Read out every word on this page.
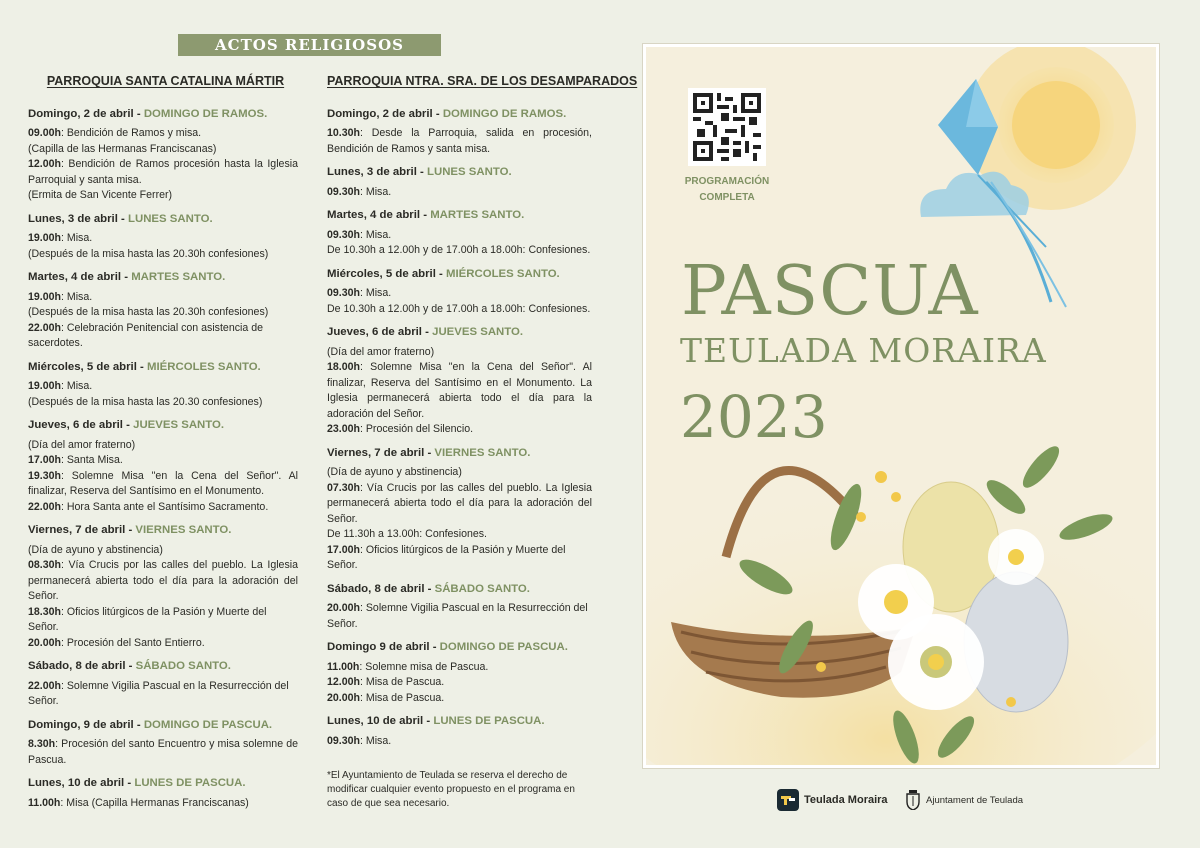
ACTOS RELIGIOSOS
PARROQUIA SANTA CATALINA MÁRTIR
Domingo, 2 de abril - DOMINGO DE RAMOS.
09.00h: Bendición de Ramos y misa.
(Capilla de las Hermanas Franciscanas)
12.00h: Bendición de Ramos procesión hasta la Iglesia Parroquial y santa misa.
(Ermita de San Vicente Ferrer)
Lunes, 3 de abril - LUNES SANTO.
19.00h: Misa.
(Después de la misa hasta las 20.30h confesiones)
Martes, 4 de abril - MARTES SANTO.
19.00h: Misa.
(Después de la misa hasta las 20.30h confesiones)
22.00h: Celebración Penitencial con asistencia de sacerdotes.
Miércoles, 5 de abril - MIÉRCOLES SANTO.
19.00h: Misa.
(Después de la misa hasta las 20.30 confesiones)
Jueves, 6 de abril - JUEVES SANTO.
(Día del amor fraterno)
17.00h: Santa Misa.
19.30h: Solemne Misa "en la Cena del Señor". Al finalizar, Reserva del Santísimo en el Monumento.
22.00h: Hora Santa ante el Santísimo Sacramento.
Viernes, 7 de abril - VIERNES SANTO.
(Día de ayuno y abstinencia)
08.30h: Vía Crucis por las calles del pueblo. La Iglesia permanecerá abierta todo el día para la adoración del Señor.
18.30h: Oficios litúrgicos de la Pasión y Muerte del Señor.
20.00h: Procesión del Santo Entierro.
Sábado, 8 de abril - SÁBADO SANTO.
22.00h: Solemne Vigilia Pascual en la Resurrección del Señor.
Domingo, 9 de abril - DOMINGO DE PASCUA.
8.30h: Procesión del santo Encuentro y misa solemne de Pascua.
Lunes, 10 de abril - LUNES DE PASCUA.
11.00h: Misa (Capilla Hermanas Franciscanas)
PARROQUIA NTRA. SRA. DE LOS DESAMPARADOS
Domingo, 2 de abril - DOMINGO DE RAMOS.
10.30h: Desde la Parroquia, salida en procesión, Bendición de Ramos y santa misa.
Lunes, 3 de abril - LUNES SANTO.
09.30h: Misa.
Martes, 4 de abril - MARTES SANTO.
09.30h: Misa.
De 10.30h a 12.00h y de 17.00h a 18.00h: Confesiones.
Miércoles, 5 de abril - MIÉRCOLES SANTO.
09.30h: Misa.
De 10.30h a 12.00h y de 17.00h a 18.00h: Confesiones.
Jueves, 6 de abril - JUEVES SANTO.
(Día del amor fraterno)
18.00h: Solemne Misa "en la Cena del Señor". Al finalizar, Reserva del Santísimo en el Monumento. La Iglesia permanecerá abierta todo el día para la adoración del Señor.
23.00h: Procesión del Silencio.
Viernes, 7 de abril - VIERNES SANTO.
(Día de ayuno y abstinencia)
07.30h: Vía Crucis por las calles del pueblo. La Iglesia permanecerá abierta todo el día para la adoración del Señor.
De 11.30h a 13.00h: Confesiones.
17.00h: Oficios litúrgicos de la Pasión y Muerte del Señor.
Sábado, 8 de abril - SÁBADO SANTO.
20.00h: Solemne Vigilia Pascual en la Resurrección del Señor.
Domingo 9 de abril - DOMINGO DE PASCUA.
11.00h: Solemne misa de Pascua.
12.00h: Misa de Pascua.
20.00h: Misa de Pascua.
Lunes, 10 de abril - LUNES DE PASCUA.
09.30h: Misa.
*El Ayuntamiento de Teulada se reserva el derecho de modificar cualquier evento propuesto en el programa en caso de que sea necesario.
PROGRAMACIÓN
COMPLETA
PASCUA
TEULADA MORAIRA
2023
Teulada Moraira	Ajuntament de Teulada
